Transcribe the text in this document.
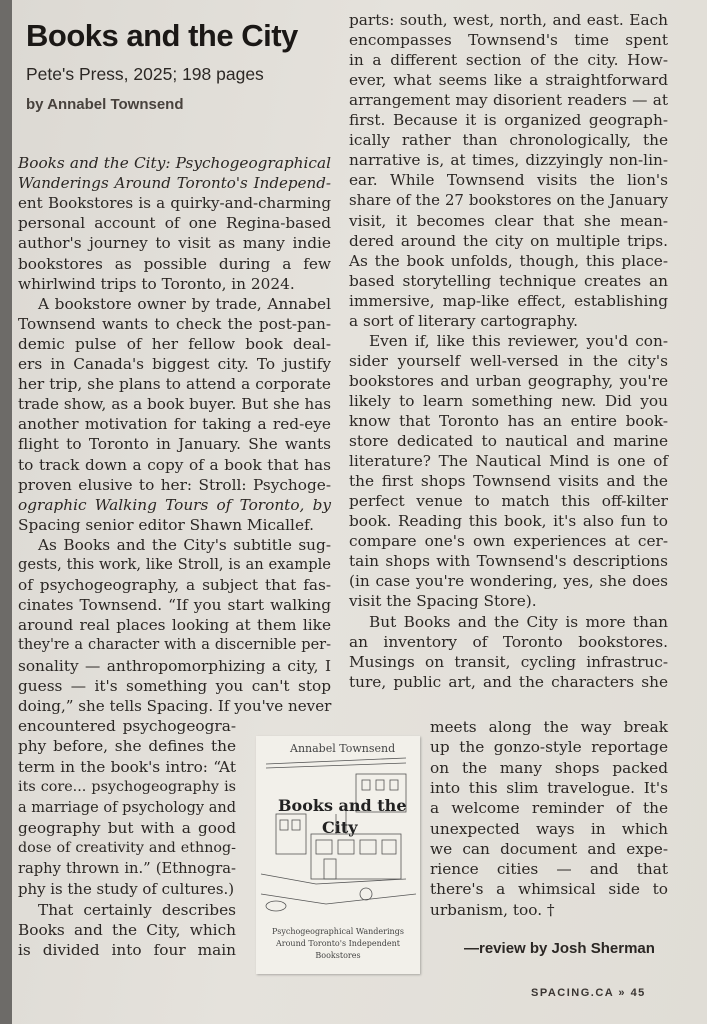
Books and the City
Pete's Press, 2025; 198 pages
by Annabel Townsend
Books and the City: Psychogeographical
Wanderings Around Toronto's Independ-
ent Bookstores is a quirky-and-charming
personal account of one Regina-based
author's journey to visit as many indie
bookstores as possible during a few
whirlwind trips to Toronto, in 2024.
A bookstore owner by trade, Annabel
Townsend wants to check the post-pan-
demic pulse of her fellow book deal-
ers in Canada's biggest city. To justify
her trip, she plans to attend a corporate
trade show, as a book buyer. But she has
another motivation for taking a red-eye
flight to Toronto in January. She wants
to track down a copy of a book that has
proven elusive to her: Stroll: Psychoge-
ographic Walking Tours of Toronto, by
Spacing senior editor Shawn Micallef.
As Books and the City's subtitle sug-
gests, this work, like Stroll, is an example
of psychogeography, a subject that fas-
cinates Townsend. “If you start walking
around real places looking at them like
they're a character with a discernible per-
sonality — anthropomorphizing a city, I
guess — it's something you can't stop
doing,” she tells Spacing. If you've never
encountered psychogeogra-
phy before, she defines the
term in the book's intro: “At
its core... psychogeography is
a marriage of psychology and
geography but with a good
dose of creativity and ethnog-
raphy thrown in.” (Ethnogra-
phy is the study of cultures.)
That certainly describes
Books and the City, which
is divided into four main
parts: south, west, north, and east. Each
encompasses Townsend's time spent
in a different section of the city. How-
ever, what seems like a straightforward
arrangement may disorient readers — at
first. Because it is organized geograph-
ically rather than chronologically, the
narrative is, at times, dizzyingly non-lin-
ear. While Townsend visits the lion's
share of the 27 bookstores on the January
visit, it becomes clear that she mean-
dered around the city on multiple trips.
As the book unfolds, though, this place-
based storytelling technique creates an
immersive, map-like effect, establishing
a sort of literary cartography.
Even if, like this reviewer, you'd con-
sider yourself well-versed in the city's
bookstores and urban geography, you're
likely to learn something new. Did you
know that Toronto has an entire book-
store dedicated to nautical and marine
literature? The Nautical Mind is one of
the first shops Townsend visits and the
perfect venue to match this off-kilter
book. Reading this book, it's also fun to
compare one's own experiences at cer-
tain shops with Townsend's descriptions
(in case you're wondering, yes, she does
visit the Spacing Store).
But Books and the City is more than
an inventory of Toronto bookstores.
Musings on transit, cycling infrastruc-
ture, public art, and the characters she
meets along the way break
up the gonzo-style reportage
on the many shops packed
into this slim travelogue. It's
a welcome reminder of the
unexpected ways in which
we can document and expe-
rience cities — and that
there's a whimsical side to
urbanism, too. †
Annabel Townsend
Books and the
City
Psychogeographical Wanderings Around Toronto's Independent Bookstores	—review by Josh Sherman
SPACING.CA » 45
